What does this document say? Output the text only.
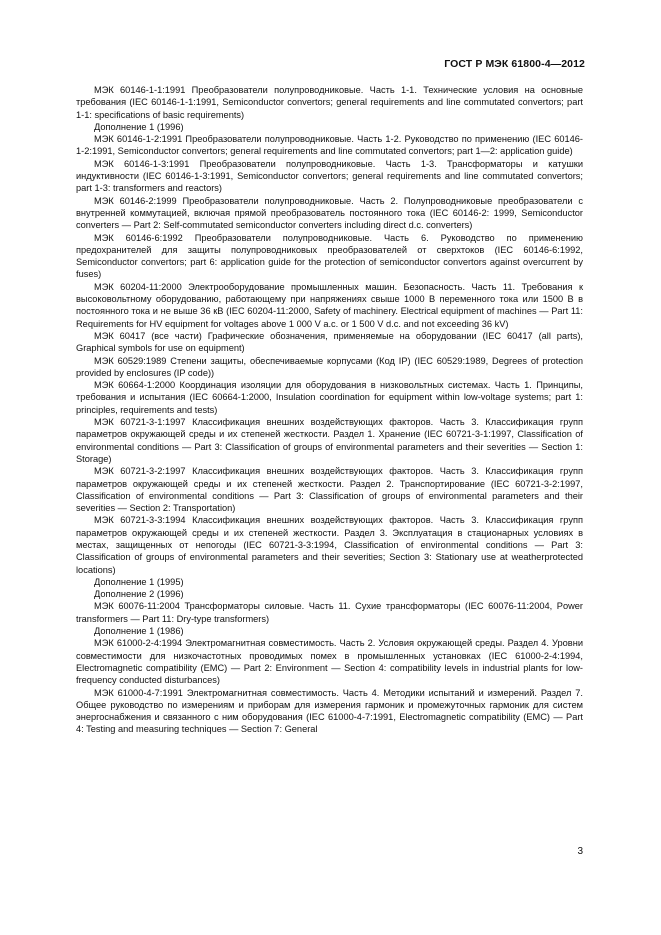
ГОСТ Р МЭК 61800-4—2012

МЭК 60146-1-1:1991 Преобразователи полупроводниковые. Часть 1-1. Технические условия на основные требования (IEC 60146-1-1:1991, Semiconductor convertors; general requirements and line commutated convertors; part 1-1: specifications of basic requirements)

Дополнение 1 (1996)

МЭК 60146-1-2:1991 Преобразователи полупроводниковые. Часть 1-2. Руководство по применению (IEC 60146-1-2:1991, Semiconductor convertors; general requirements and line commutated convertors; part 1—2: application guide)

МЭК 60146-1-3:1991 Преобразователи полупроводниковые. Часть 1-3. Трансформаторы и катушки индуктивности (IEC 60146-1-3:1991, Semiconductor convertors; general requirements and line commutated convertors; part 1-3: transformers and reactors)

МЭК 60146-2:1999 Преобразователи полупроводниковые. Часть 2. Полупроводниковые преобразователи с внутренней коммутацией, включая прямой преобразователь постоянного тока (IEC 60146-2: 1999, Semiconductor converters — Part 2: Self-commutated semiconductor converters including direct d.c. converters)

МЭК 60146-6:1992 Преобразователи полупроводниковые. Часть 6. Руководство по применению предохранителей для защиты полупроводниковых преобразователей от сверхтоков (IEC 60146-6:1992, Semiconductor convertors; part 6: application guide for the protection of semiconductor convertors against overcurrent by fuses)

МЭК 60204-11:2000 Электрооборудование промышленных машин. Безопасность. Часть 11. Требования к высоковольтному оборудованию, работающему при напряжениях свыше 1000 В переменного тока или 1500 В в постоянного тока и не выше 36 кВ (IEC 60204-11:2000, Safety of machinery. Electrical equipment of machines — Part 11: Requirements for HV equipment for voltages above 1 000 V a.c. or 1 500 V d.c. and not exceeding 36 kV)

МЭК 60417 (все части) Графические обозначения, применяемые на оборудовании (IEC 60417 (all parts), Graphical symbols for use on equipment)

МЭК 60529:1989 Степени защиты, обеспечиваемые корпусами (Код IP) (IEC 60529:1989, Degrees of protection provided by enclosures (IP code))

МЭК 60664-1:2000 Координация изоляции для оборудования в низковольтных системах. Часть 1. Принципы, требования и испытания (IEC 60664-1:2000, Insulation coordination for equipment within low-voltage systems; part 1: principles, requirements and tests)

МЭК 60721-3-1:1997 Классификация внешних воздействующих факторов. Часть 3. Классификация групп параметров окружающей среды и их степеней жесткости. Раздел 1. Хранение (IEC 60721-3-1:1997, Classification of environmental conditions — Part 3: Classification of groups of environmental parameters and their severities — Section 1: Storage)

МЭК 60721-3-2:1997 Классификация внешних воздействующих факторов. Часть 3. Классификация групп параметров окружающей среды и их степеней жесткости. Раздел 2. Транспортирование (IEC 60721-3-2:1997, Classification of environmental conditions — Part 3: Classification of groups of environmental parameters and their severities — Section 2: Transportation)

МЭК 60721-3-3:1994 Классификация внешних воздействующих факторов. Часть 3. Классификация групп параметров окружающей среды и их степеней жесткости. Раздел 3. Эксплуатация в стационарных условиях в местах, защищенных от непогоды (IEC 60721-3-3:1994, Classification of environmental conditions — Part 3: Classification of groups of environmental parameters and their severities; Section 3: Stationary use at weatherprotected locations)

Дополнение 1 (1995)

Дополнение 2 (1996)

МЭК 60076-11:2004 Трансформаторы силовые. Часть 11. Сухие трансформаторы (IEC 60076-11:2004, Power transformers — Part 11: Dry-type transformers)

Дополнение 1 (1986)

МЭК 61000-2-4:1994 Электромагнитная совместимость. Часть 2. Условия окружающей среды. Раздел 4. Уровни совместимости для низкочастотных проводимых помех в промышленных установках (IEC 61000-2-4:1994, Electromagnetic compatibility (EMC) — Part 2: Environment — Section 4: compatibility levels in industrial plants for low-frequency conducted disturbances)

МЭК 61000-4-7:1991 Электромагнитная совместимость. Часть 4. Методики испытаний и измерений. Раздел 7. Общее руководство по измерениям и приборам для измерения гармоник и промежуточных гармоник для систем энергоснабжения и связанного с ним оборудования (IEC 61000-4-7:1991, Electromagnetic compatibility (EMC) — Part 4: Testing and measuring techniques — Section 7: General

3
